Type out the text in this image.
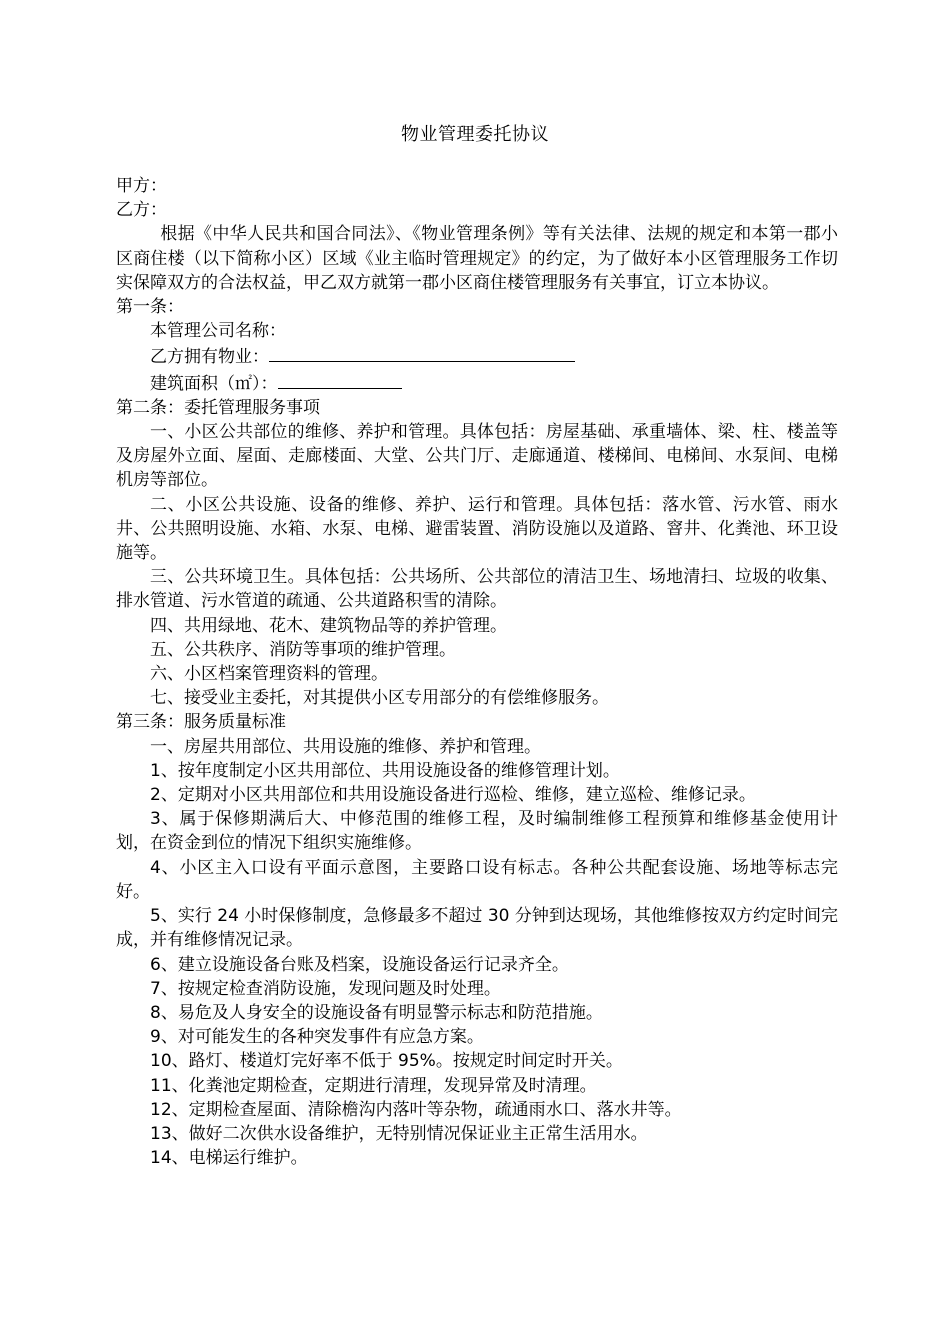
物业管理委托协议

甲方：

乙方：

根据《中华人民共和国合同法》、《物业管理条例》等有关法律、法规的规定和本第一郡小区商住楼（以下简称小区）区域《业主临时管理规定》的约定，为了做好本小区管理服务工作切实保障双方的合法权益，甲乙双方就第一郡小区商住楼管理服务有关事宜，订立本协议。

第一条：

本管理公司名称：

乙方拥有物业：

建筑面积（㎡）：

第二条：委托管理服务事项

一、小区公共部位的维修、养护和管理。具体包括：房屋基础、承重墙体、梁、柱、楼盖等及房屋外立面、屋面、走廊楼面、大堂、公共门厅、走廊通道、楼梯间、电梯间、水泵间、电梯机房等部位。

二、小区公共设施、设备的维修、养护、运行和管理。具体包括：落水管、污水管、雨水井、公共照明设施、水箱、水泵、电梯、避雷装置、消防设施以及道路、窨井、化粪池、环卫设施等。

三、公共环境卫生。具体包括：公共场所、公共部位的清洁卫生、场地清扫、垃圾的收集、排水管道、污水管道的疏通、公共道路积雪的清除。

四、共用绿地、花木、建筑物品等的养护管理。

五、公共秩序、消防等事项的维护管理。

六、小区档案管理资料的管理。

七、接受业主委托，对其提供小区专用部分的有偿维修服务。

第三条：服务质量标准

一、房屋共用部位、共用设施的维修、养护和管理。

1、按年度制定小区共用部位、共用设施设备的维修管理计划。

2、定期对小区共用部位和共用设施设备进行巡检、维修，建立巡检、维修记录。

3、属于保修期满后大、中修范围的维修工程，及时编制维修工程预算和维修基金使用计划，在资金到位的情况下组织实施维修。

4、小区主入口设有平面示意图，主要路口设有标志。各种公共配套设施、场地等标志完好。

5、实行 24 小时保修制度，急修最多不超过 30 分钟到达现场，其他维修按双方约定时间完成，并有维修情况记录。

6、建立设施设备台账及档案，设施设备运行记录齐全。

7、按规定检查消防设施，发现问题及时处理。

8、易危及人身安全的设施设备有明显警示标志和防范措施。

9、对可能发生的各种突发事件有应急方案。

10、路灯、楼道灯完好率不低于 95%。按规定时间定时开关。

11、化粪池定期检查，定期进行清理，发现异常及时清理。

12、定期检查屋面、清除檐沟内落叶等杂物，疏通雨水口、落水井等。

13、做好二次供水设备维护，无特别情况保证业主正常生活用水。

14、电梯运行维护。
